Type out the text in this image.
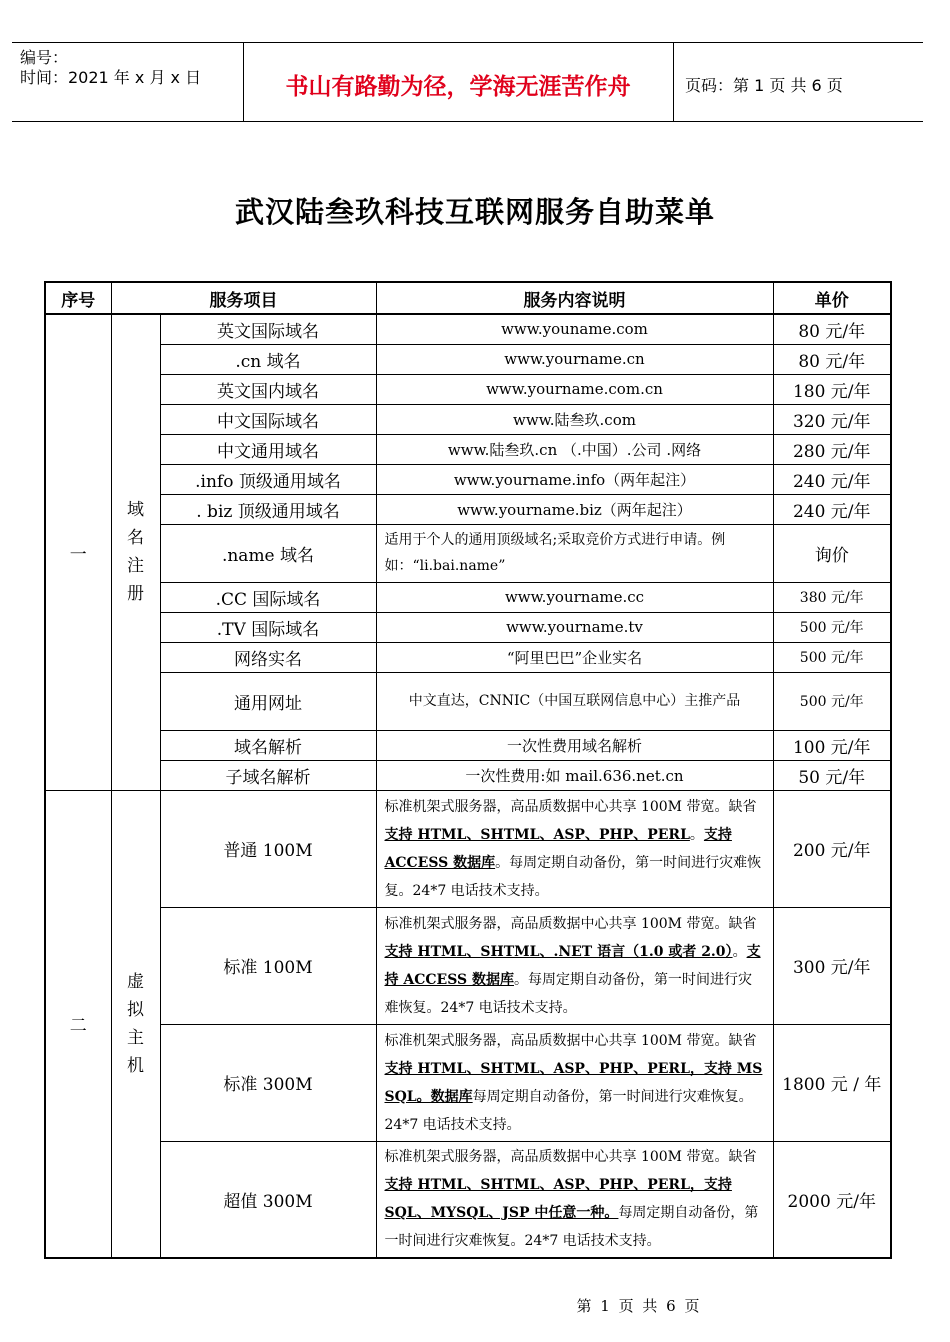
编号：
时间：2021 年 x 月 x 日	书山有路勤为径，学海无涯苦作舟	页码：第 1 页 共 6 页
武汉陆叁玖科技互联网服务自助菜单
序号	服务项目		服务内容说明	单价
一	域名注册	英文国际域名	www.youname.com	80 元/年
		.cn 域名	www.yourname.cn	80 元/年
		英文国内域名	www.yourname.com.cn	180 元/年
		中文国际域名	www.陆叁玖.com	320 元/年
		中文通用域名	www.陆叁玖.cn （.中国）.公司 .网络	280 元/年
		.info 顶级通用域名	www.yourname.info（两年起注）	240 元/年
		. biz 顶级通用域名	www.yourname.biz（两年起注）	240 元/年
		.name 域名	适用于个人的通用顶级域名;采取竞价方式进行申请。例如：“li.bai.name”	询价
		.CC 国际域名	www.yourname.cc	380 元/年
		.TV 国际域名	www.yourname.tv	500 元/年
		网络实名	“阿里巴巴”企业实名	500 元/年
		通用网址	中文直达，CNNIC（中国互联网信息中心）主推产品	500 元/年
		域名解析	一次性费用域名解析	100 元/年
		子域名解析	一次性费用:如 mail.636.net.cn	50 元/年
二	虚拟主机	普通 100M	标准机架式服务器，高品质数据中心共享 100M 带宽。缺省支持 HTML、SHTML、ASP、PHP、PERL。支持 ACCESS 数据库。每周定期自动备份，第一时间进行灾难恢复。24*7 电话技术支持。	200 元/年
		标准 100M	标准机架式服务器，高品质数据中心共享 100M 带宽。缺省支持 HTML、SHTML、.NET 语言（1.0 或者 2.0）。支持 ACCESS 数据库。每周定期自动备份，第一时间进行灾难恢复。24*7 电话技术支持。	300 元/年
		标准 300M	标准机架式服务器，高品质数据中心共享 100M 带宽。缺省支持 HTML、SHTML、ASP、PHP、PERL，支持 MS SQL。数据库每周定期自动备份，第一时间进行灾难恢复。24*7 电话技术支持。	1800 元 / 年
		超值 300M	标准机架式服务器，高品质数据中心共享 100M 带宽。缺省支持 HTML、SHTML、ASP、PHP、PERL，支持 SQL、MYSQL、JSP 中任意一种。每周定期自动备份，第一时间进行灾难恢复。24*7 电话技术支持。	2000 元/年
第 1 页 共 6 页
